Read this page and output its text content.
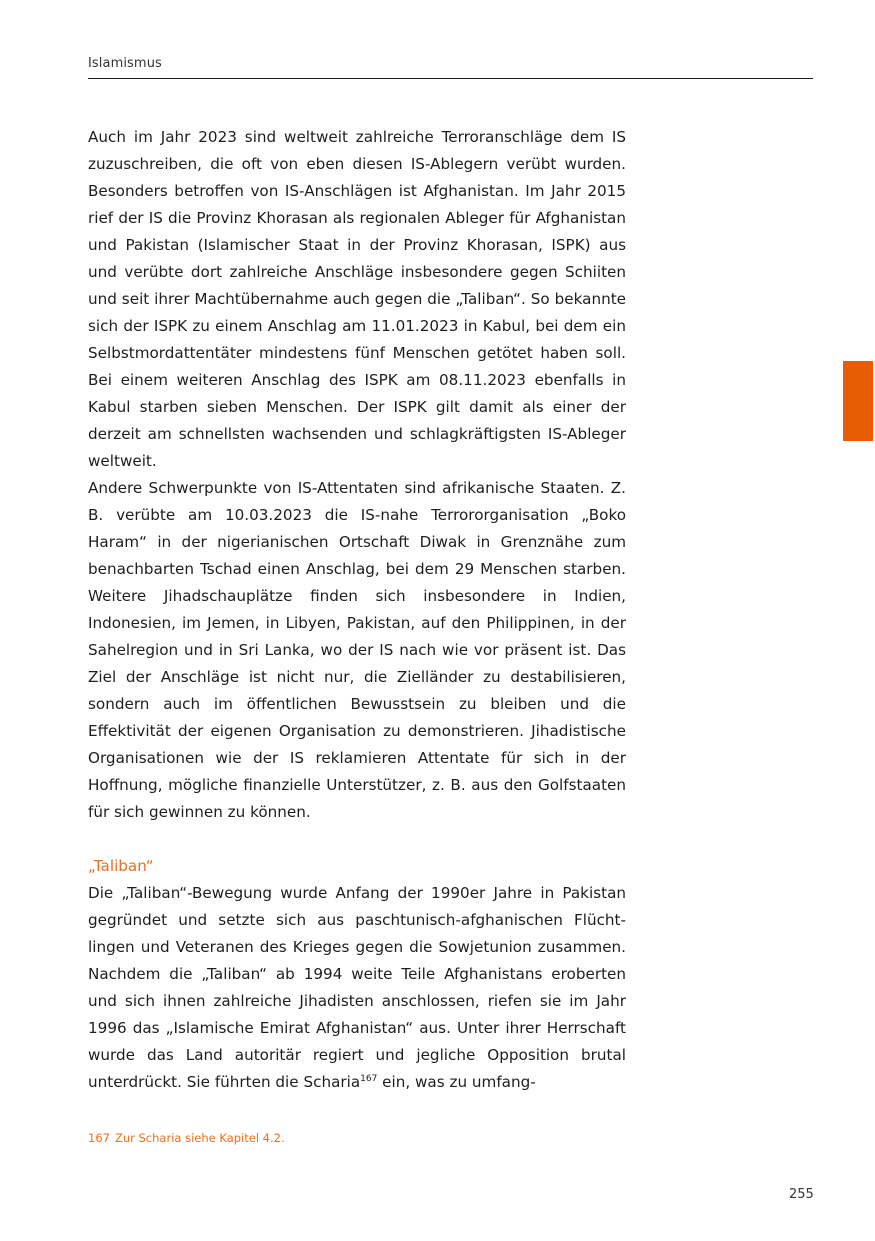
Islamismus

Auch im Jahr 2023 sind weltweit zahlreiche Terroranschläge dem IS zuzuschreiben, die oft von eben diesen IS-Ablegern verübt wurden. Besonders betroffen von IS-Anschlägen ist Afghanistan. Im Jahr 2015 rief der IS die Provinz Khorasan als regionalen Ableger für Afghanistan und Pakistan (Islamischer Staat in der Provinz Khorasan, ISPK) aus und verübte dort zahlreiche Anschläge insbesondere gegen Schiiten und seit ihrer Machtübernahme auch gegen die „Taliban“. So bekannte sich der ISPK zu einem Anschlag am 11.01.2023 in Kabul, bei dem ein Selbstmordattentäter mindestens fünf Menschen getötet haben soll. Bei einem weiteren Anschlag des ISPK am 08.11.2023 ebenfalls in Kabul starben sieben Menschen. Der ISPK gilt damit als einer der derzeit am schnellsten wachsenden und schlagkräftigsten IS-Ableger weltweit.

Andere Schwerpunkte von IS-Attentaten sind afrikanische Staaten. Z. B. verübte am 10.03.2023 die IS-nahe Terrororganisation „Boko Haram“ in der nigerianischen Ortschaft Diwak in Grenznähe zum benachbarten Tschad einen Anschlag, bei dem 29 Menschen starben. Weitere Jihadschauplätze finden sich insbesondere in Indien, Indonesien, im Jemen, in Libyen, Pakistan, auf den Philippinen, in der Sahelregion und in Sri Lanka, wo der IS nach wie vor präsent ist. Das Ziel der Anschläge ist nicht nur, die Zielländer zu destabilisieren, sondern auch im öffentlichen Bewusstsein zu bleiben und die Effektivität der eigenen Organisation zu demonstrieren. Jihadistische Organisationen wie der IS reklamieren Attentate für sich in der Hoffnung, mögliche finanzielle Unterstützer, z. B. aus den Golfstaaten für sich gewinnen zu können.

„Taliban“

Die „Taliban“-Bewegung wurde Anfang der 1990er Jahre in Pakistan gegründet und setzte sich aus paschtunisch-afghanischen Flüchtlingen und Veteranen des Krieges gegen die Sowjetunion zusammen. Nachdem die „Taliban“ ab 1994 weite Teile Afghanistans eroberten und sich ihnen zahlreiche Jihadisten anschlossen, riefen sie im Jahr 1996 das „Islamische Emirat Afghanistan“ aus. Unter ihrer Herrschaft wurde das Land autoritär regiert und jegliche Opposition brutal unterdrückt. Sie führten die Scharia$^{167}$ ein, was zu umfang-

167 Zur Scharia siehe Kapitel 4.2.
255
